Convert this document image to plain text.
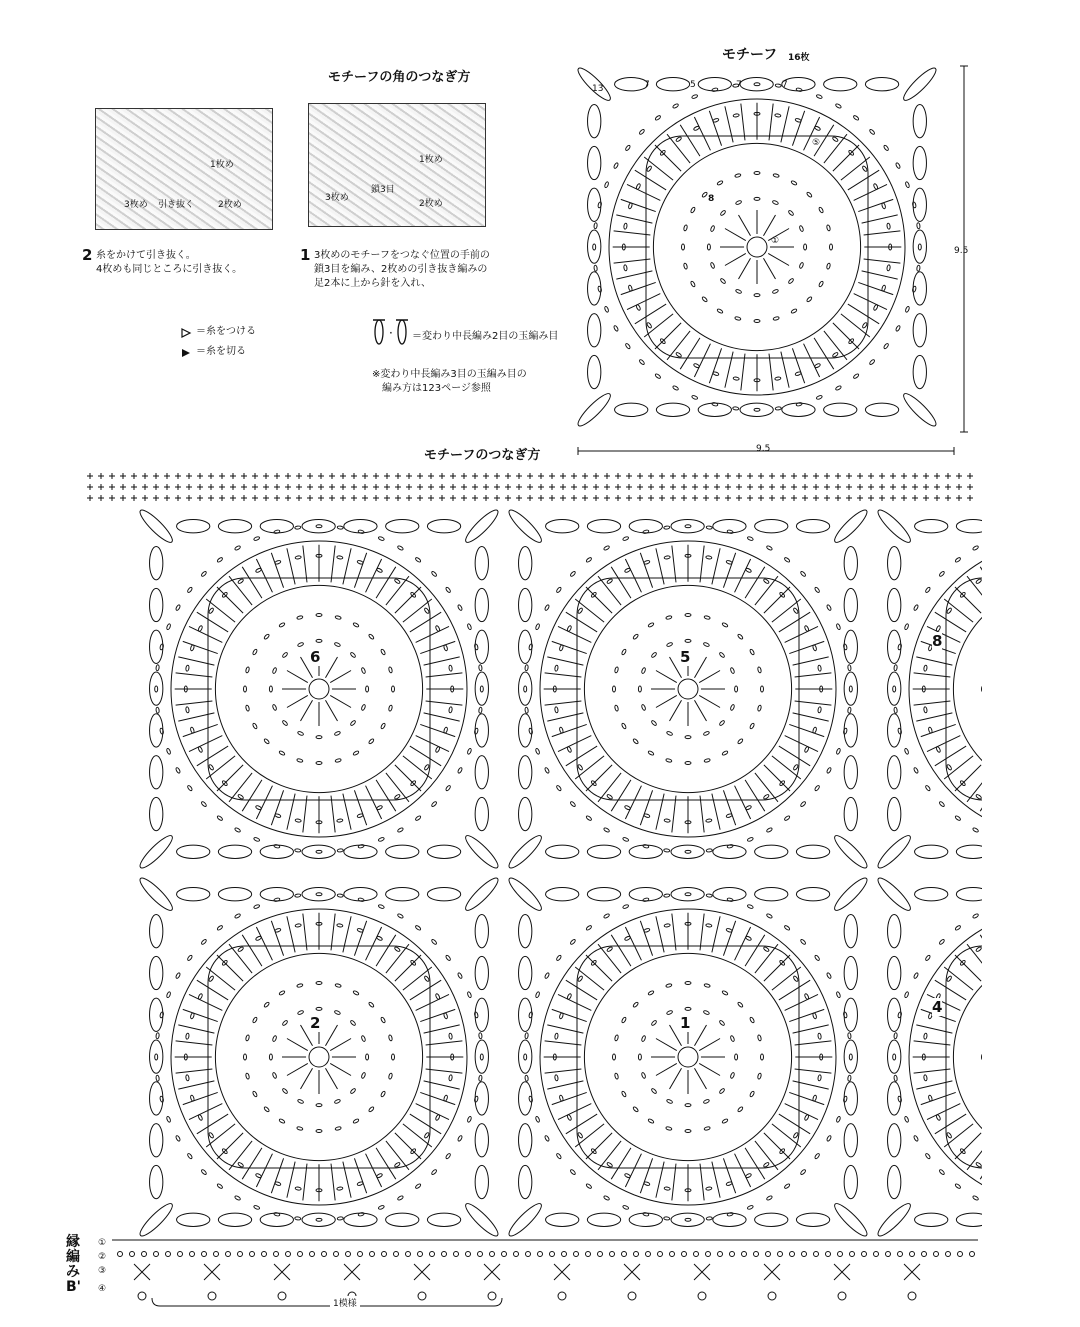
モチーフの角のつなぎ方
3枚め 引き抜く
1枚め
2枚め
2 糸をかけて引き抜く。
4枚めも同じところに引き抜く。
3枚め
鎖3目
1枚め
2枚め
1 3枚めのモチーフをつなぐ位置の手前の
鎖3目を編み、2枚めの引き抜き編みの
足2本に上から針を入れ、
＝糸をつける
＝糸を切る
· ＝変わり中長編み2目の玉編み目
※変わり中長編み3目の玉編み目の
　編み方は123ページ参照
モチーフ 16枚
13	7	5	7	7
①
⑤
8
9.5
9.5
モチーフのつなぎ方
6	5
8
2	1
4
縁編みB'
①
②
③
④
1模様
